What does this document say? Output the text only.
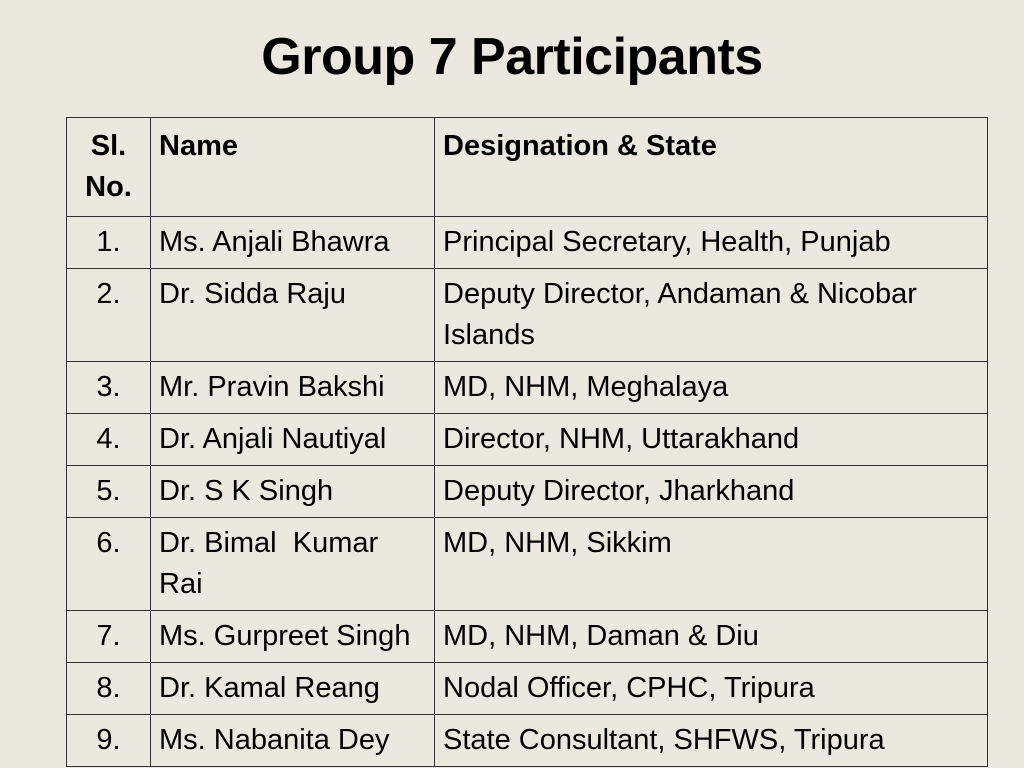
Group 7 Participants
Sl.
No.	Name	Designation & State
1.	Ms. Anjali Bhawra	Principal Secretary, Health, Punjab
2.	Dr. Sidda Raju	Deputy Director, Andaman & Nicobar Islands
3.	Mr. Pravin Bakshi	MD, NHM, Meghalaya
4.	Dr. Anjali Nautiyal	Director, NHM, Uttarakhand
5.	Dr. S K Singh	Deputy Director, Jharkhand
6.	Dr. Bimal  Kumar Rai	MD, NHM, Sikkim
7.	Ms. Gurpreet Singh	MD, NHM, Daman & Diu
8.	Dr. Kamal Reang	Nodal Officer, CPHC, Tripura
9.	Ms. Nabanita Dey	State Consultant, SHFWS, Tripura
